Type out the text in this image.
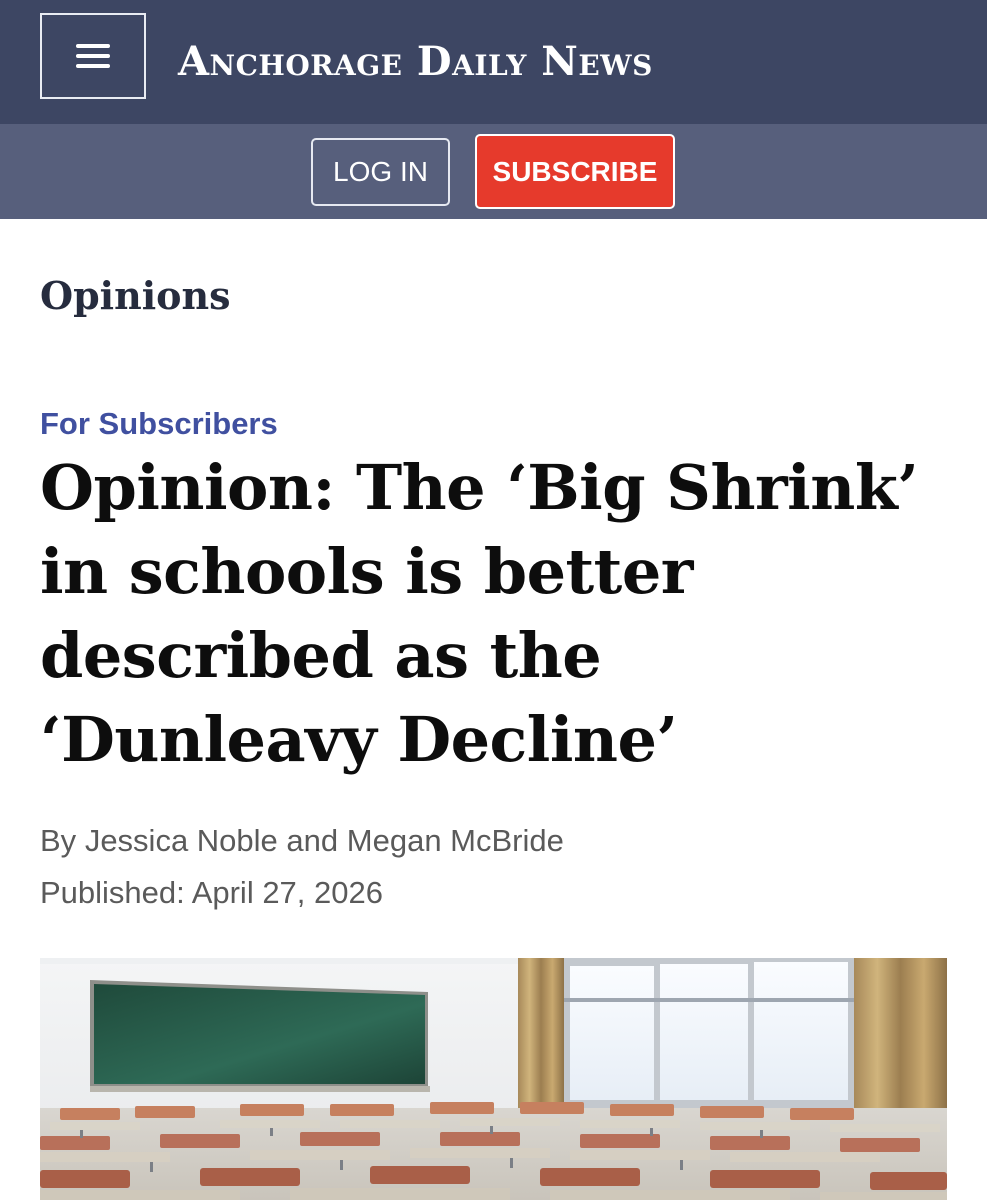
Anchorage Daily News
LOG IN	SUBSCRIBE
Opinions
For Subscribers
Opinion: The ‘Big Shrink’ in schools is better described as the ‘Dunleavy Decline’
By Jessica Noble and Megan McBride
Published: April 27, 2026
